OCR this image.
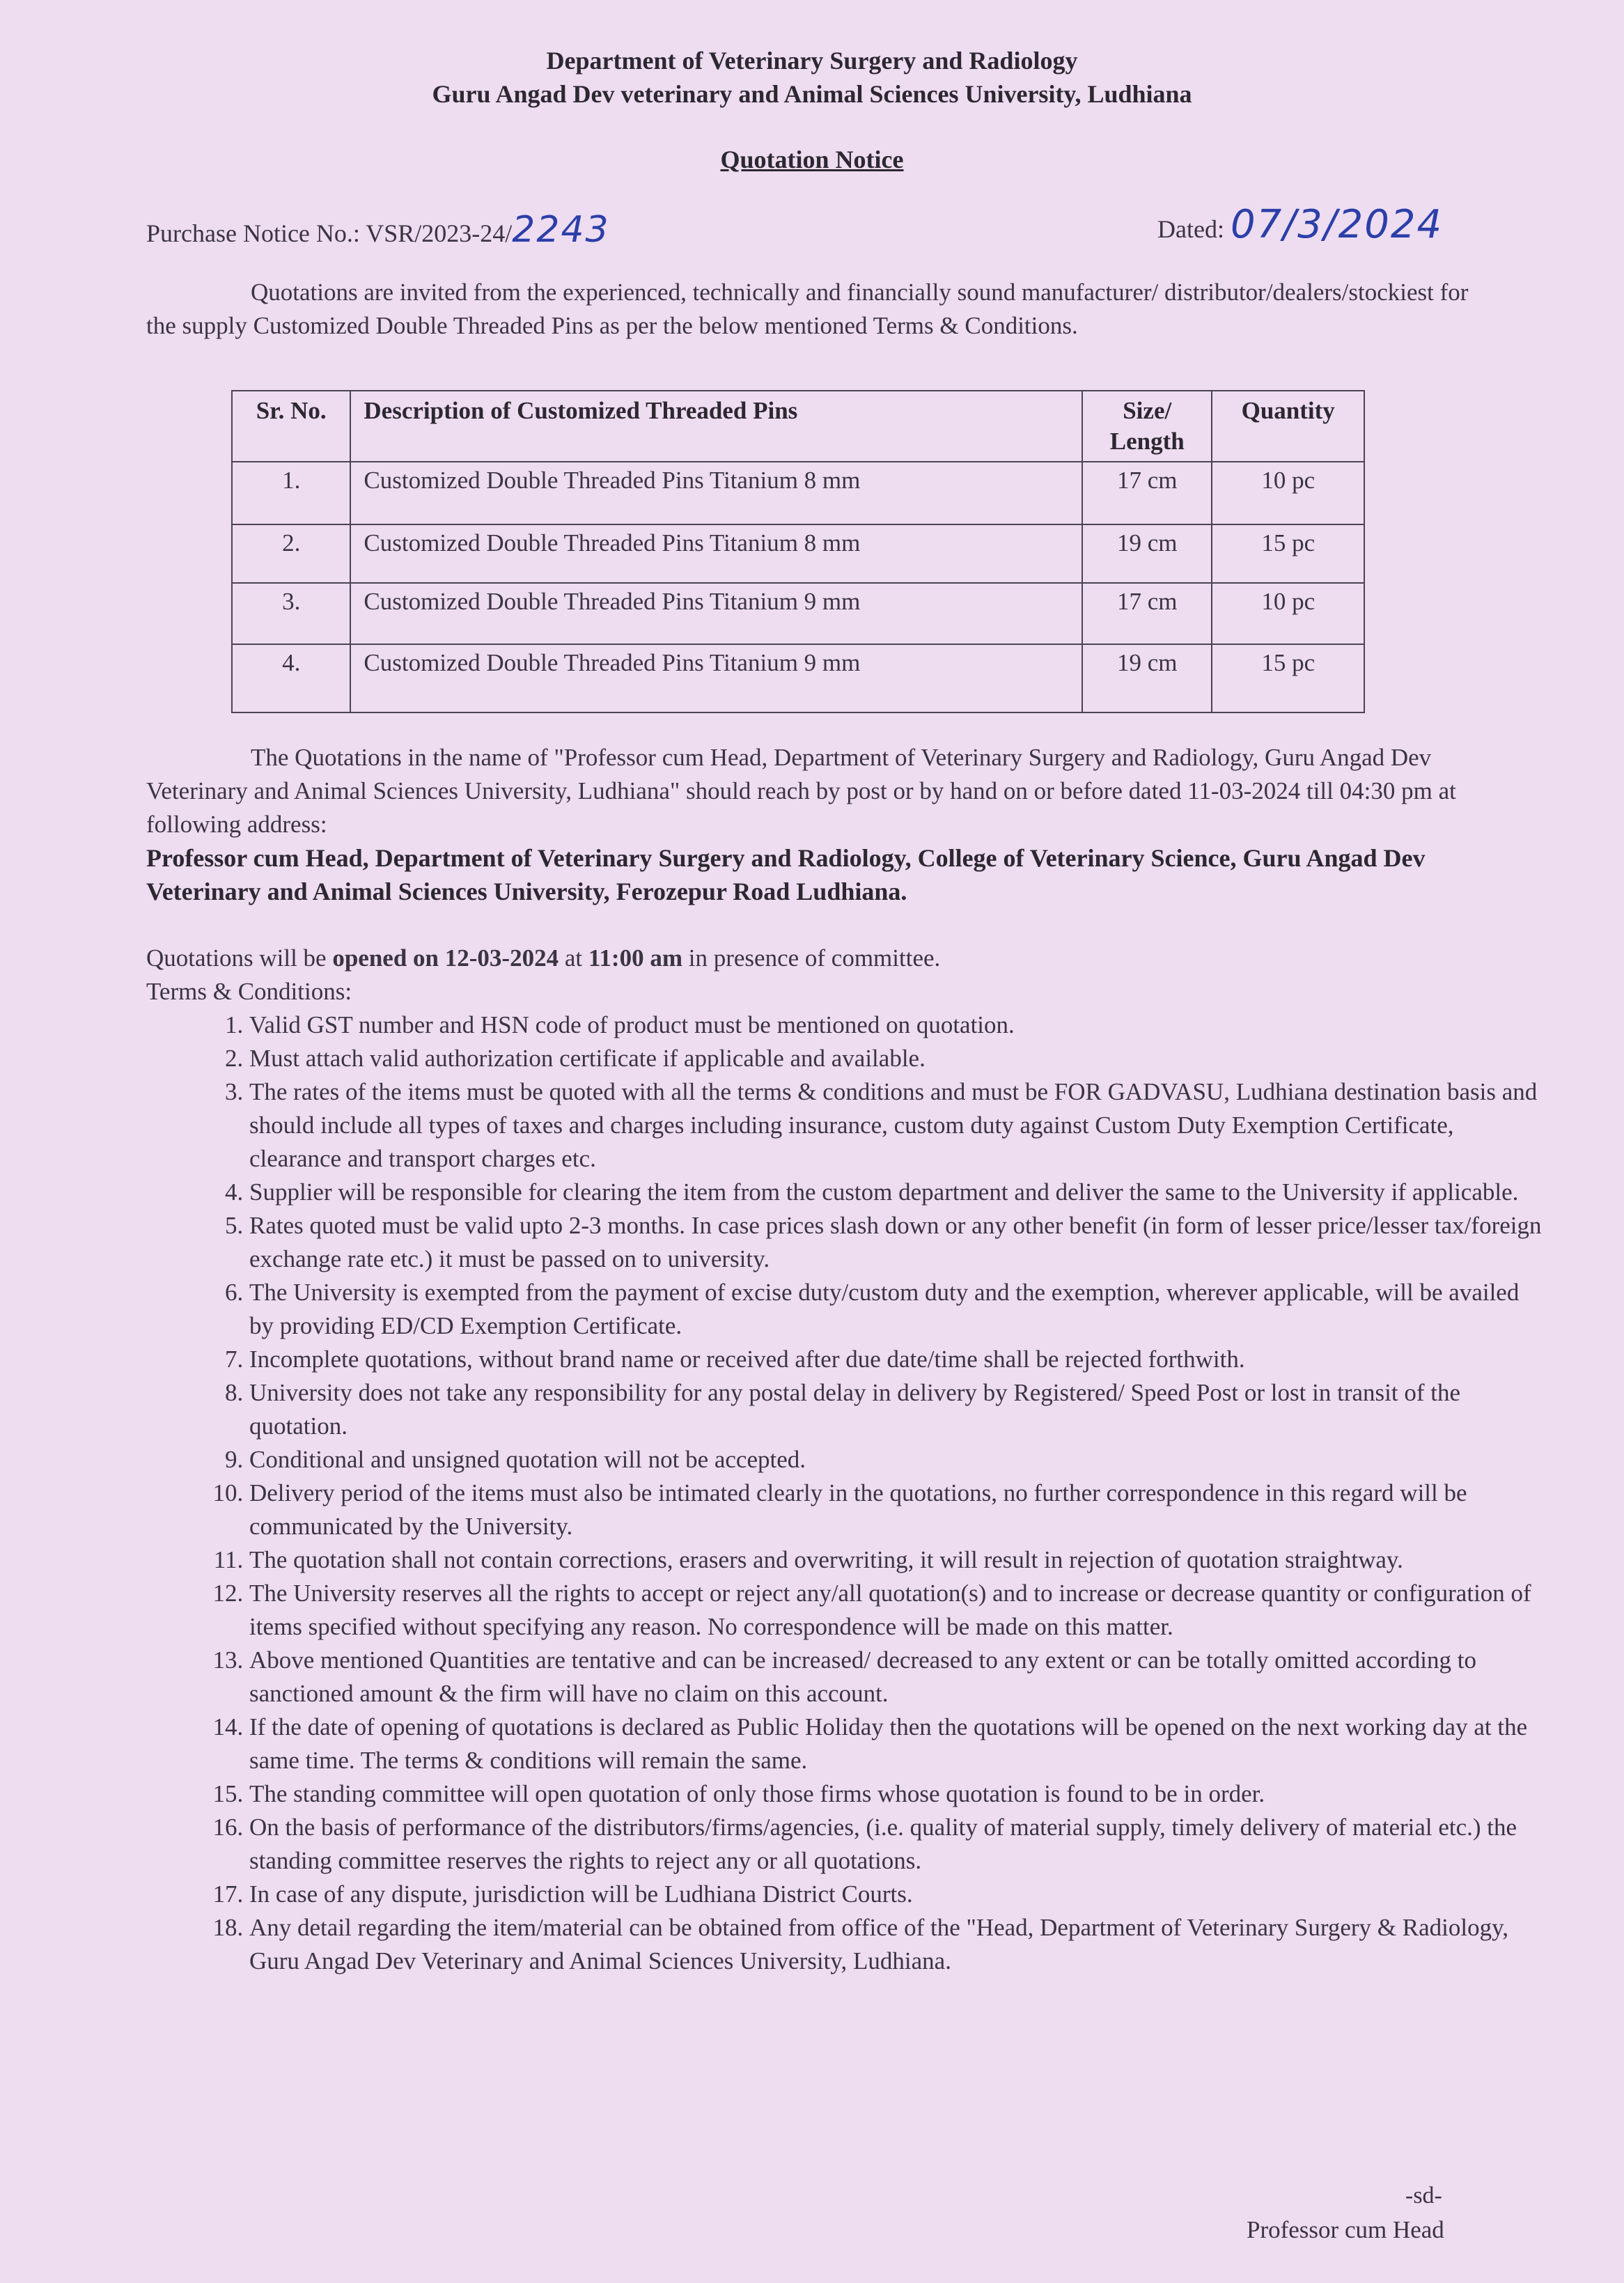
Department of Veterinary Surgery and Radiology
Guru Angad Dev veterinary and Animal Sciences University, Ludhiana
Quotation Notice
Purchase Notice No.: VSR/2023-24/2243	Dated: 07/3/2024
Quotations are invited from the experienced, technically and financially sound manufacturer/ distributor/dealers/stockiest for the supply Customized Double Threaded Pins as per the below mentioned Terms & Conditions.
Sr. No.	Description of Customized Threaded Pins	Size/ Length	Quantity
1.	Customized Double Threaded Pins Titanium 8 mm	17 cm	10 pc
2.	Customized Double Threaded Pins Titanium 8 mm	19 cm	15 pc
3.	Customized Double Threaded Pins Titanium 9 mm	17 cm	10 pc
4.	Customized Double Threaded Pins Titanium 9 mm	19 cm	15 pc
The Quotations in the name of "Professor cum Head, Department of Veterinary Surgery and Radiology, Guru Angad Dev Veterinary and Animal Sciences University, Ludhiana" should reach by post or by hand on or before dated 11-03-2024 till 04:30 pm at following address:
Professor cum Head, Department of Veterinary Surgery and Radiology, College of Veterinary Science, Guru Angad Dev Veterinary and Animal Sciences University, Ferozepur Road Ludhiana.
Quotations will be opened on 12-03-2024 at 11:00 am in presence of committee.
Terms & Conditions:
1. Valid GST number and HSN code of product must be mentioned on quotation.
2. Must attach valid authorization certificate if applicable and available.
3. The rates of the items must be quoted with all the terms & conditions and must be FOR GADVASU, Ludhiana destination basis and should include all types of taxes and charges including insurance, custom duty against Custom Duty Exemption Certificate, clearance and transport charges etc.
4. Supplier will be responsible for clearing the item from the custom department and deliver the same to the University if applicable.
5. Rates quoted must be valid upto 2-3 months. In case prices slash down or any other benefit (in form of lesser price/lesser tax/foreign exchange rate etc.) it must be passed on to university.
6. The University is exempted from the payment of excise duty/custom duty and the exemption, wherever applicable, will be availed by providing ED/CD Exemption Certificate.
7. Incomplete quotations, without brand name or received after due date/time shall be rejected forthwith.
8. University does not take any responsibility for any postal delay in delivery by Registered/ Speed Post or lost in transit of the quotation.
9. Conditional and unsigned quotation will not be accepted.
10. Delivery period of the items must also be intimated clearly in the quotations, no further correspondence in this regard will be communicated by the University.
11. The quotation shall not contain corrections, erasers and overwriting, it will result in rejection of quotation straightway.
12. The University reserves all the rights to accept or reject any/all quotation(s) and to increase or decrease quantity or configuration of items specified without specifying any reason. No correspondence will be made on this matter.
13. Above mentioned Quantities are tentative and can be increased/ decreased to any extent or can be totally omitted according to sanctioned amount & the firm will have no claim on this account.
14. If the date of opening of quotations is declared as Public Holiday then the quotations will be opened on the next working day at the same time. The terms & conditions will remain the same.
15. The standing committee will open quotation of only those firms whose quotation is found to be in order.
16. On the basis of performance of the distributors/firms/agencies, (i.e. quality of material supply, timely delivery of material etc.) the standing committee reserves the rights to reject any or all quotations.
17. In case of any dispute, jurisdiction will be Ludhiana District Courts.
18. Any detail regarding the item/material can be obtained from office of the "Head, Department of Veterinary Surgery & Radiology, Guru Angad Dev Veterinary and Animal Sciences University, Ludhiana.
-sd-
Professor cum Head
